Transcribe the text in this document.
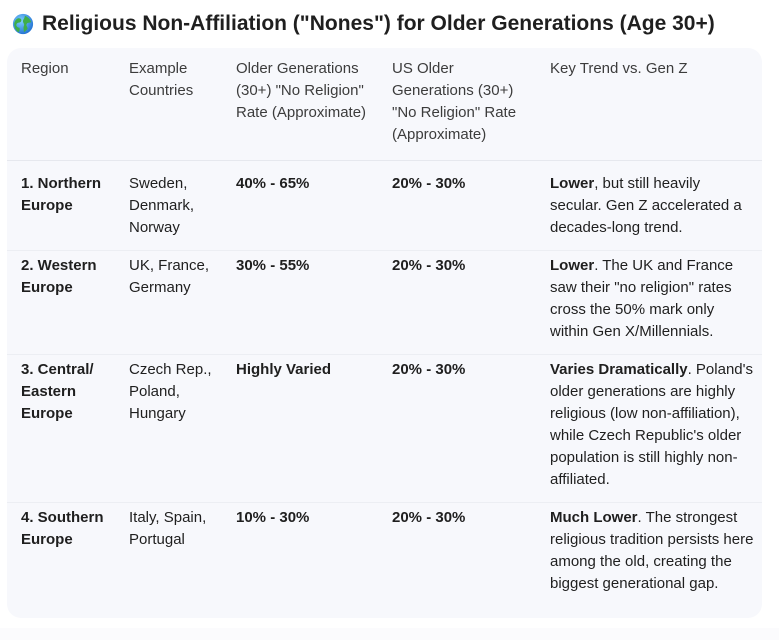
Religious Non-Affiliation ("Nones") for Older Generations (Age 30+)
Region	Example Countries	Older Generations (30+) "No Religion" Rate (Approximate)	US Older Generations (30+) "No Religion" Rate (Approximate)	Key Trend vs. Gen Z
1. Northern Europe	Sweden, Denmark, Norway	40% - 65%	20% - 30%	Lower, but still heavily secular. Gen Z accelerated a decades-long trend.
2. Western Europe	UK, France, Germany	30% - 55%	20% - 30%	Lower. The UK and France saw their "no religion" rates cross the 50% mark only within Gen X/Millennials.
3. Central/ Eastern Europe	Czech Rep., Poland, Hungary	Highly Varied	20% - 30%	Varies Dramatically. Poland's older generations are highly religious (low non-affiliation), while Czech Republic's older population is still highly non-affiliated.
4. Southern Europe	Italy, Spain, Portugal	10% - 30%	20% - 30%	Much Lower. The strongest religious tradition persists here among the old, creating the biggest generational gap.
